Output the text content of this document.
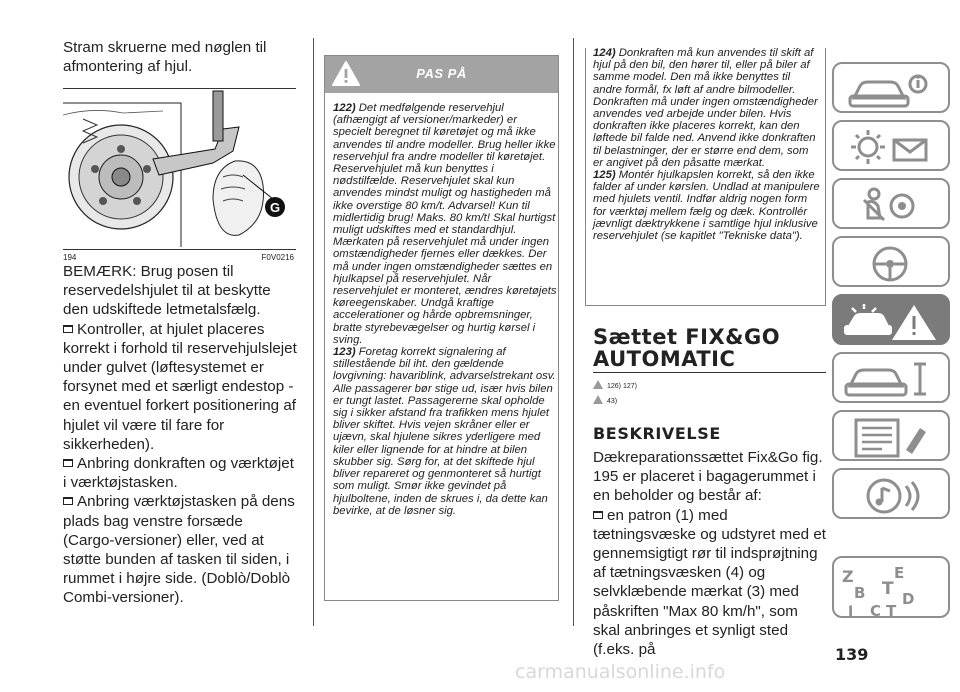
Stram skruerne med nøglen til afmontering af hjul.

G
194	F0V0216

BEMÆRK: Brug posen til reservedelshjulet til at beskytte den udskiftede letmetalsfælg.

Kontroller, at hjulet placeres korrekt i forhold til reservehjulslejet under gulvet (løftesystemet er forsynet med et særligt endestop - en eventuel forkert positionering af hjulet vil være til fare for sikkerheden).

Anbring donkraften og værktøjet i værktøjstasken.

Anbring værktøjstasken på dens plads bag venstre forsæde (Cargo-versioner) eller, ved at støtte bunden af tasken til siden, i rummet i højre side. (Doblò/Doblò Combi-versioner).

PAS PÅ

122) Det medfølgende reservehjul (afhængigt af versioner/markeder) er specielt beregnet til køretøjet og må ikke anvendes til andre modeller. Brug heller ikke reservehjul fra andre modeller til køretøjet. Reservehjulet må kun benyttes i nødstilfælde. Reservehjulet skal kun anvendes mindst muligt og hastigheden må ikke overstige 80 km/t. Advarsel! Kun til midlertidig brug! Maks. 80 km/t! Skal hurtigst muligt udskiftes med et standardhjul. Mærkaten på reservehjulet må under ingen omstændigheder fjernes eller dækkes. Der må under ingen omstændigheder sættes en hjulkapsel på reservehjulet. Når reservehjulet er monteret, ændres køretøjets køreegenskaber. Undgå kraftige accelerationer og hårde opbremsninger, bratte styrebevægelser og hurtig kørsel i sving.

123) Foretag korrekt signalering af stillestående bil iht. den gældende lovgivning: havariblink, advarselstrekant osv. Alle passagerer bør stige ud, især hvis bilen er tungt lastet. Passagererne skal opholde sig i sikker afstand fra trafikken mens hjulet bliver skiftet. Hvis vejen skråner eller er ujævn, skal hjulene sikres yderligere med kiler eller lignende for at hindre at bilen skubber sig. Sørg for, at det skiftede hjul bliver repareret og genmonteret så hurtigt som muligt. Smør ikke gevindet på hjulboltene, inden de skrues i, da dette kan bevirke, at de løsner sig.

124) Donkraften må kun anvendes til skift af hjul på den bil, den hører til, eller på biler af samme model. Den må ikke benyttes til andre formål, fx løft af andre bilmodeller. Donkraften må under ingen omstændigheder anvendes ved arbejde under bilen. Hvis donkraften ikke placeres korrekt, kan den løftede bil falde ned. Anvend ikke donkraften til belastninger, der er større end dem, som er angivet på den påsatte mærkat.

125) Montér hjulkapslen korrekt, så den ikke falder af under kørslen. Undlad at manipulere med hjulets ventil. Indfør aldrig nogen form for værktøj mellem fælg og dæk. Kontrollér jævnligt dæktrykkene i samtlige hjul inklusive reservehjulet (se kapitlet "Tekniske data").

Sættet FIX&GO
AUTOMATIC
126) 127)
43)
BESKRIVELSE

Dækreparationssættet Fix&Go fig. 195 er placeret i bagagerummet i en beholder og består af:

en patron (1) med tætningsvæske og udstyret med et gennemsigtigt rør til indsprøjtning af tætningsvæsken (4) og selvklæbende mærkat (3) med påskriften "Max 80 km/h", som skal anbringes et synligt sted (f.eks. på	139
carmanualsonline.info
Z	E
B T D
I C T
